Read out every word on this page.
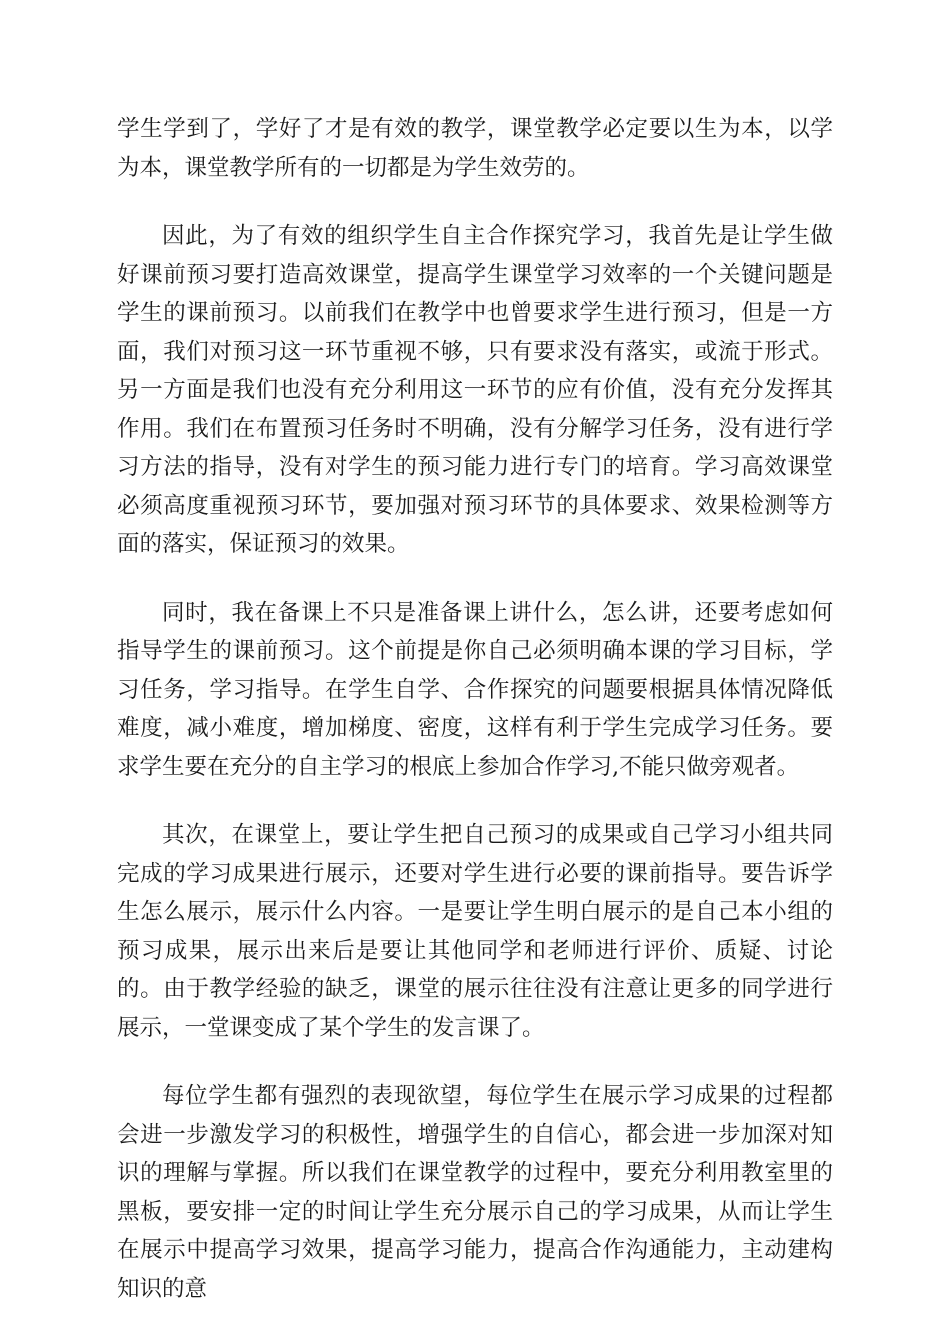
学生学到了，学好了才是有效的教学，课堂教学必定要以生为本，以学为本，课堂教学所有的一切都是为学生效劳的。

因此，为了有效的组织学生自主合作探究学习，我首先是让学生做好课前预习要打造高效课堂，提高学生课堂学习效率的一个关键问题是学生的课前预习。以前我们在教学中也曾要求学生进行预习，但是一方面，我们对预习这一环节重视不够，只有要求没有落实，或流于形式。另一方面是我们也没有充分利用这一环节的应有价值，没有充分发挥其作用。我们在布置预习任务时不明确，没有分解学习任务，没有进行学习方法的指导，没有对学生的预习能力进行专门的培育。学习高效课堂必须高度重视预习环节，要加强对预习环节的具体要求、效果检测等方面的落实，保证预习的效果。

同时，我在备课上不只是准备课上讲什么，怎么讲，还要考虑如何指导学生的课前预习。这个前提是你自己必须明确本课的学习目标，学习任务，学习指导。在学生自学、合作探究的问题要根据具体情况降低难度，减小难度，增加梯度、密度，这样有利于学生完成学习任务。要求学生要在充分的自主学习的根底上参加合作学习,不能只做旁观者。

其次，在课堂上，要让学生把自己预习的成果或自己学习小组共同完成的学习成果进行展示，还要对学生进行必要的课前指导。要告诉学生怎么展示，展示什么内容。一是要让学生明白展示的是自己本小组的预习成果，展示出来后是要让其他同学和老师进行评价、质疑、讨论的。由于教学经验的缺乏，课堂的展示往往没有注意让更多的同学进行展示，一堂课变成了某个学生的发言课了。

每位学生都有强烈的表现欲望，每位学生在展示学习成果的过程都会进一步激发学习的积极性，增强学生的自信心，都会进一步加深对知识的理解与掌握。所以我们在课堂教学的过程中，要充分利用教室里的黑板，要安排一定的时间让学生充分展示自己的学习成果，从而让学生在展示中提高学习效果，提高学习能力，提高合作沟通能力，主动建构知识的意
